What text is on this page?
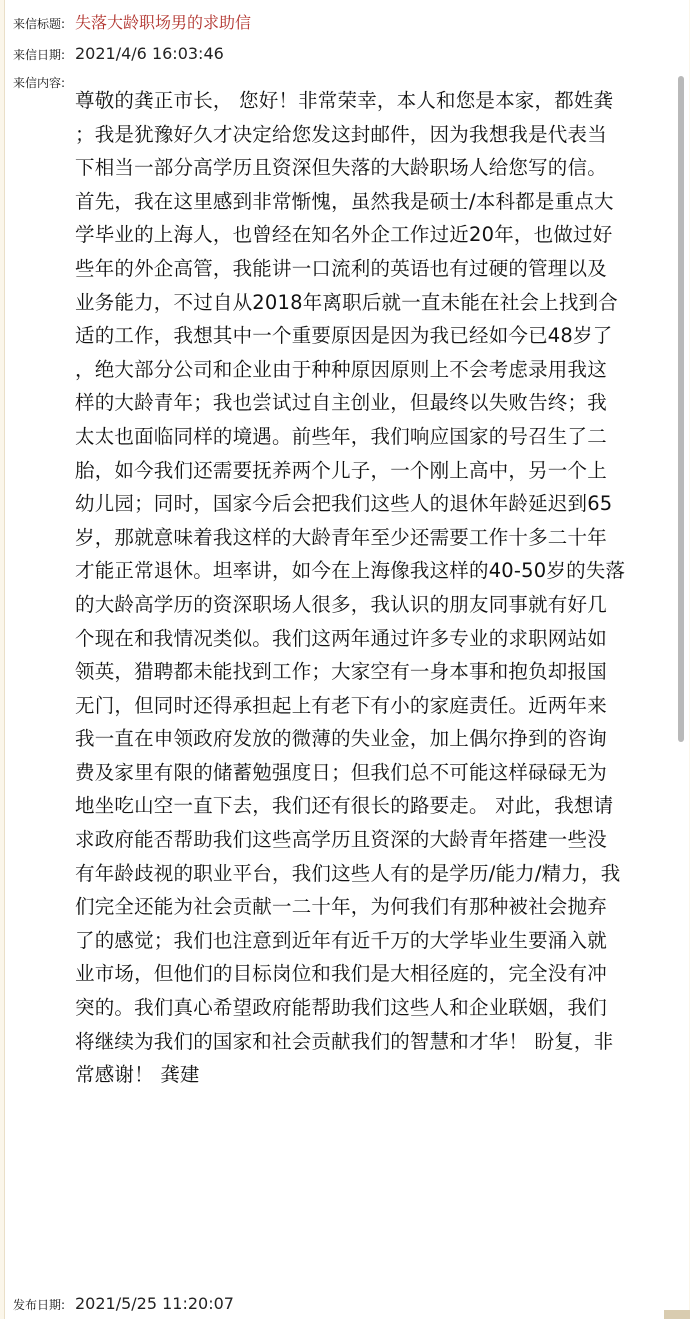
来信标题: 失落大龄职场男的求助信
来信日期: 2021/4/6 16:03:46
来信内容:
尊敬的龚正市长， 您好！非常荣幸，本人和您是本家，都姓龚
；我是犹豫好久才决定给您发这封邮件，因为我想我是代表当
下相当一部分高学历且资深但失落的大龄职场人给您写的信。
首先，我在这里感到非常惭愧，虽然我是硕士/本科都是重点大
学毕业的上海人，也曾经在知名外企工作过近20年，也做过好
些年的外企高管，我能讲一口流利的英语也有过硬的管理以及
业务能力，不过自从2018年离职后就一直未能在社会上找到合
适的工作，我想其中一个重要原因是因为我已经如今已48岁了
，绝大部分公司和企业由于种种原因原则上不会考虑录用我这
样的大龄青年；我也尝试过自主创业，但最终以失败告终；我
太太也面临同样的境遇。前些年，我们响应国家的号召生了二
胎，如今我们还需要抚养两个儿子，一个刚上高中，另一个上
幼儿园；同时，国家今后会把我们这些人的退休年龄延迟到65
岁，那就意味着我这样的大龄青年至少还需要工作十多二十年
才能正常退休。坦率讲，如今在上海像我这样的40-50岁的失落
的大龄高学历的资深职场人很多，我认识的朋友同事就有好几
个现在和我情况类似。我们这两年通过许多专业的求职网站如
领英，猎聘都未能找到工作；大家空有一身本事和抱负却报国
无门，但同时还得承担起上有老下有小的家庭责任。近两年来
我一直在申领政府发放的微薄的失业金，加上偶尔挣到的咨询
费及家里有限的储蓄勉强度日；但我们总不可能这样碌碌无为
地坐吃山空一直下去，我们还有很长的路要走。 对此，我想请
求政府能否帮助我们这些高学历且资深的大龄青年搭建一些没
有年龄歧视的职业平台，我们这些人有的是学历/能力/精力，我
们完全还能为社会贡献一二十年，为何我们有那种被社会抛弃
了的感觉；我们也注意到近年有近千万的大学毕业生要涌入就
业市场，但他们的目标岗位和我们是大相径庭的，完全没有冲
突的。我们真心希望政府能帮助我们这些人和企业联姻，我们
将继续为我们的国家和社会贡献我们的智慧和才华！ 盼复，非
常感谢！ 龚建
发布日期: 2021/5/25 11:20:07
